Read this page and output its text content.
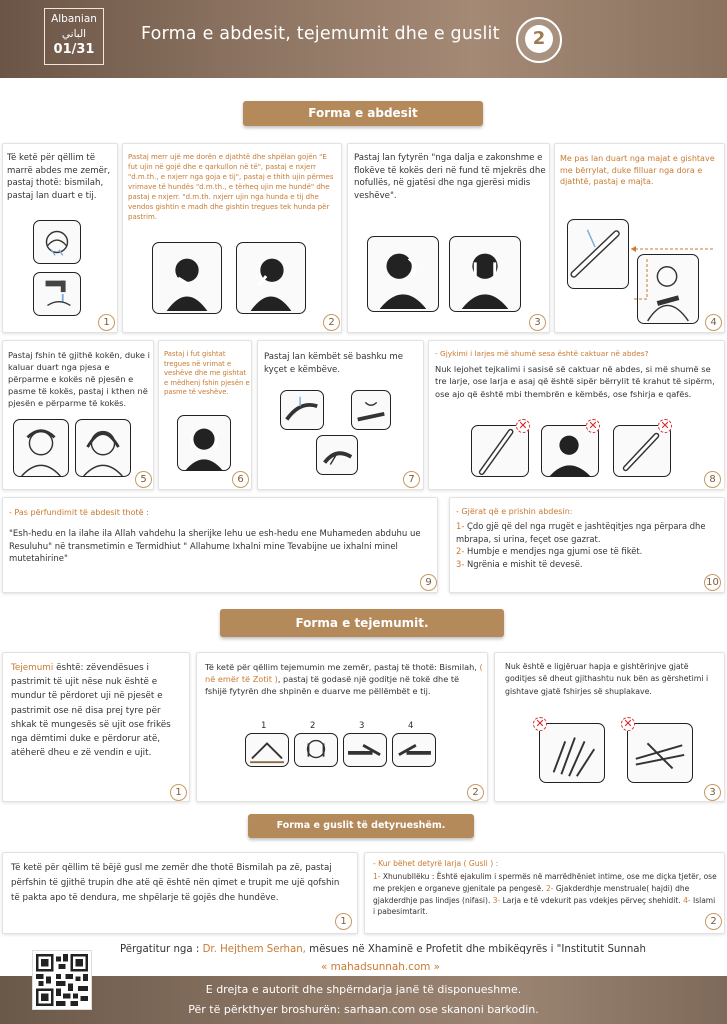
Albanian
الباني
01/31
Forma e abdesit, tejemumit dhe e guslit	2
Forma e abdesit
Të ketë për qëllim të marrë abdes me zemër, pastaj thotë: bismilah, pastaj lan duart e tij.
1
Pastaj merr ujë me dorën e djathtë dhe shpëlan gojën "E fut ujin në gojë dhe e qarkullon në të", pastaj e nxjerr "d.m.th., e nxjerr nga goja e tij", pastaj e thith ujin përmes vrimave të hundës "d.m.th., e tërheq ujin me hundë" dhe pastaj e nxjerr. "d.m.th. nxjerr ujin nga hunda e tij dhe vendos gishtin e madh dhe gishtin tregues tek hunda për pastrim.
2
Pastaj lan fytyrën "nga dalja e zakonshme e flokëve të kokës deri në fund të mjekrës dhe nofullës, në gjatësi dhe nga gjerësi midis veshëve".
3
Me pas lan duart nga majat e gishtave me bërrylat, duke filluar nga dora e djathtë, pastaj e majta.
4
Pastaj fshin të gjithë kokën, duke i kaluar duart nga pjesa e përparme e kokës në pjesën e pasme të kokës, pastaj i kthen në pjesën e përparme të kokës.
5
Pastaj i fut gishtat tregues në vrimat e veshëve dhe me gishtat e mëdhenj fshin pjesën e pasme të veshëve.
6
Pastaj lan këmbët së bashku me kyçet e këmbëve.
7
- Gjykimi i larjes më shumë sesa është caktuar në abdes?
Nuk lejohet tejkalimi i sasisë së caktuar në abdes, si më shumë se tre larje, ose larja e asaj që është sipër bërrylit të krahut të sipërm, ose ajo që është mbi thembrën e këmbës, ose fshirja e qafës.
✕	✕	✕
8
- Pas përfundimit të abdesit thotë :
"Esh-hedu en la ilahe ila Allah vahdehu la sherijke lehu ue esh-hedu ene Muhameden abduhu ue Resuluhu" në transmetimin e Termidhiut " Allahume Ixhalni mine Tevabijne ue ixhalni minel mutetahirine"
9
- Gjërat që e prishin abdesin:
1- Çdo gjë që del nga rrugët e jashtëqitjes nga përpara dhe mbrapa, si urina, feçet ose gazrat.
2- Humbje e mendjes nga gjumi ose të fikët.
3- Ngrënia e mishit të devesë.
10
Forma e tejemumit.
Tejemumi është: zëvendësues i pastrimit të ujit nëse nuk është e mundur të përdoret uji në pjesët e pastrimit ose në disa prej tyre për shkak të mungesës së ujit ose frikës nga dëmtimi duke e përdorur atë, atëherë dheu e zë vendin e ujit.
1
Të ketë për qëllim tejemumin me zemër, pastaj të thotë: Bismilah, ( në emër të Zotit ), pastaj të godasë një goditje në tokë dhe të fshijë fytyrën dhe shpinën e duarve me pëllëmbët e tij.
1	2	3	4
2
Nuk është e ligjëruar hapja e gishtërinjve gjatë goditjes së dheut gjithashtu nuk bën as gërshetimi i gishtave gjatë fshirjes së shuplakave.
✕	✕
3
Forma e guslit të detyrueshëm.
Të ketë për qëllim të bëjë gusl me zemër dhe thotë Bismilah pa zë, pastaj përfshin të gjithë trupin dhe atë që është nën qimet e trupit me ujë qofshin të pakta apo të dendura, me shpëlarje të gojës dhe hundëve.
1
- Kur bëhet detyrë larja ( Gusli ) :
1- Xhunubllëku : Është ejakulim i spermës në marrëdhëniet intime, ose me diçka tjetër, ose me prekjen e organeve gjenitale pa pengesë. 2- Gjakderdhje menstruale( hajdi) dhe gjakderdhje pas lindjes (nifasi). 3- Larja e të vdekurit pas vdekjes përveç shehidit. 4- Islami i pabesimtarit.
2
Përgatitur nga : Dr. Hejthem Serhan, mësues në Xhaminë e Profetit dhe mbikëqyrës i "Institutit Sunnah
« mahadsunnah.com »
E drejta e autorit dhe shpërndarja janë të disponueshme.
Për të përkthyer broshurën: sarhaan.com ose skanoni barkodin.
